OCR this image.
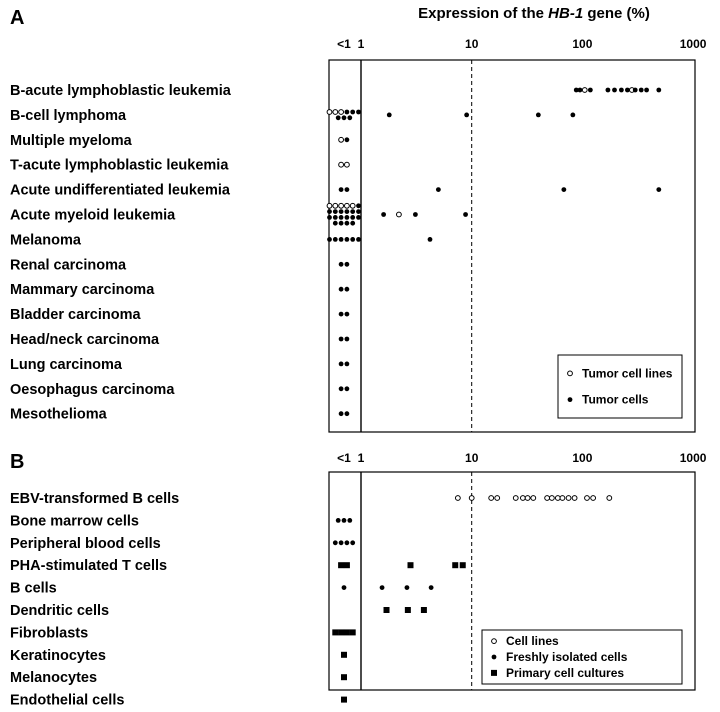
A	Expression of the HB-1 gene (%)
B
<1 1	10	100	1000
B-acute lymphoblastic leukemia
B-cell lymphoma
Multiple myeloma
T-acute lymphoblastic leukemia
Acute undifferentiated leukemia
Acute myeloid leukemia
Melanoma
Renal carcinoma
Mammary carcinoma
Bladder carcinoma
Head/neck carcinoma
Lung carcinoma
Oesophagus carcinoma
Mesothelioma
Tumor cell lines
Tumor cells
<1 1	10	100	1000
EBV-transformed B cells
Bone marrow cells
Peripheral blood cells
PHA-stimulated T cells
B cells
Dendritic cells
Fibroblasts
Keratinocytes
Melanocytes
Endothelial cells
Cell lines
Freshly isolated cells
Primary cell cultures
